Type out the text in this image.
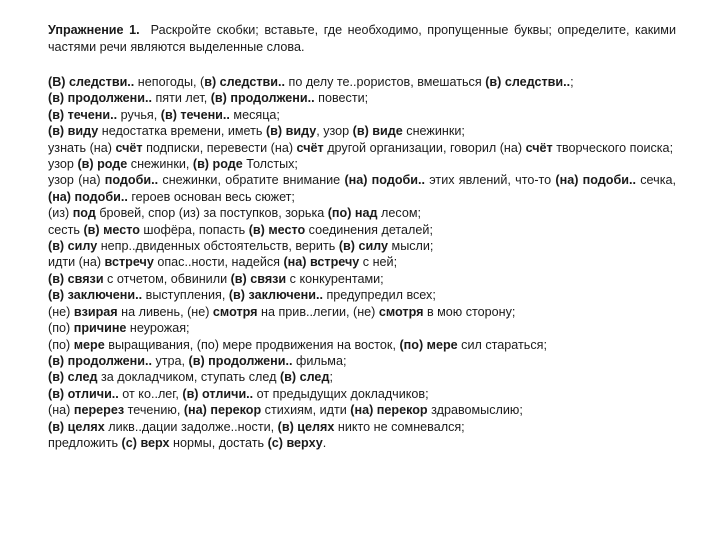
Упражнение 1. Раскройте скобки; вставьте, где необходимо, пропущенные буквы; определите, какими частями речи являются выделенные слова.
(В) следстви.. непогоды, (в) следстви.. по делу те..рористов, вмешаться (в) следстви..;
(в) продолжени.. пяти лет, (в) продолжени.. повести;
(в) течени.. ручья, (в) течени.. месяца;
(в) виду недостатка времени, иметь (в) виду, узор (в) виде снежинки;
узнать (на) счёт подписки, перевести (на) счёт другой организации, говорил (на) счёт творческого поиска;
узор (в) роде снежинки, (в) роде Толстых;
узор (на) подоби.. снежинки, обратите внимание (на) подоби.. этих явлений, что-то (на) подоби.. сечка, (на) подоби.. героев основан весь сюжет;
(из) под бровей, спор (из) за поступков, зорька (по) над лесом;
сесть (в) место шофёра, попасть (в) место соединения деталей;
(в) силу непр..двиденных обстоятельств, верить (в) силу мысли;
идти (на) встречу опас..ности, надейся (на) встречу с ней;
(в) связи с отчетом, обвинили (в) связи с конкурентами;
(в) заключени.. выступления, (в) заключени.. предупредил всех;
(не) взирая на ливень, (не) смотря на прив..легии, (не) смотря в мою сторону;
(по) причине неурожая;
(по) мере выращивания, (по) мере продвижения на восток, (по) мере сил стараться;
(в) продолжени.. утра, (в) продолжени.. фильма;
(в) след за докладчиком, ступать след (в) след;
(в) отличи.. от ко..лег, (в) отличи.. от предыдущих докладчиков;
(на) перерез течению, (на) перекор стихиям, идти (на) перекор здравомыслию;
(в) целях ликв..дации задолже..ности, (в) целях никто не сомневался;
предложить (с) верх нормы, достать (с) верху.
